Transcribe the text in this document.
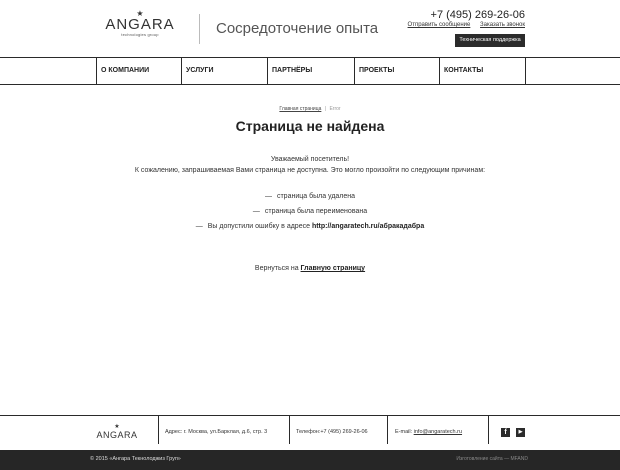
★
ANGARA
technologies group	Сосредоточение опыта
+7 (495) 269-26-06
Отправить сообщение Заказать звонок
Техническая поддержка
О КОМПАНИИ	УСЛУГИ	ПАРТНЁРЫ	ПРОЕКТЫ	КОНТАКТЫ
Главная страница | Error
Страница не найдена
Уважаемый посетитель!
К сожалению, запрашиваемая Вами страница не доступна. Это могло произойти по следующим причинам:
— страница была удалена
— страница была переименована
— Вы допустили ошибку в адресе http://angaratech.ru/абракадабра
Вернуться на Главную страницу
★
ANGARA	Адрес: г. Москва, ул.Барклая, д.6, стр. 3	Телефон:+7 (495) 269-26-06	E-mail: info@angaratech.ru	f	▶
© 2015 «Ангара Текнолоджиз Груп»	Изготовление сайта — MFAND
